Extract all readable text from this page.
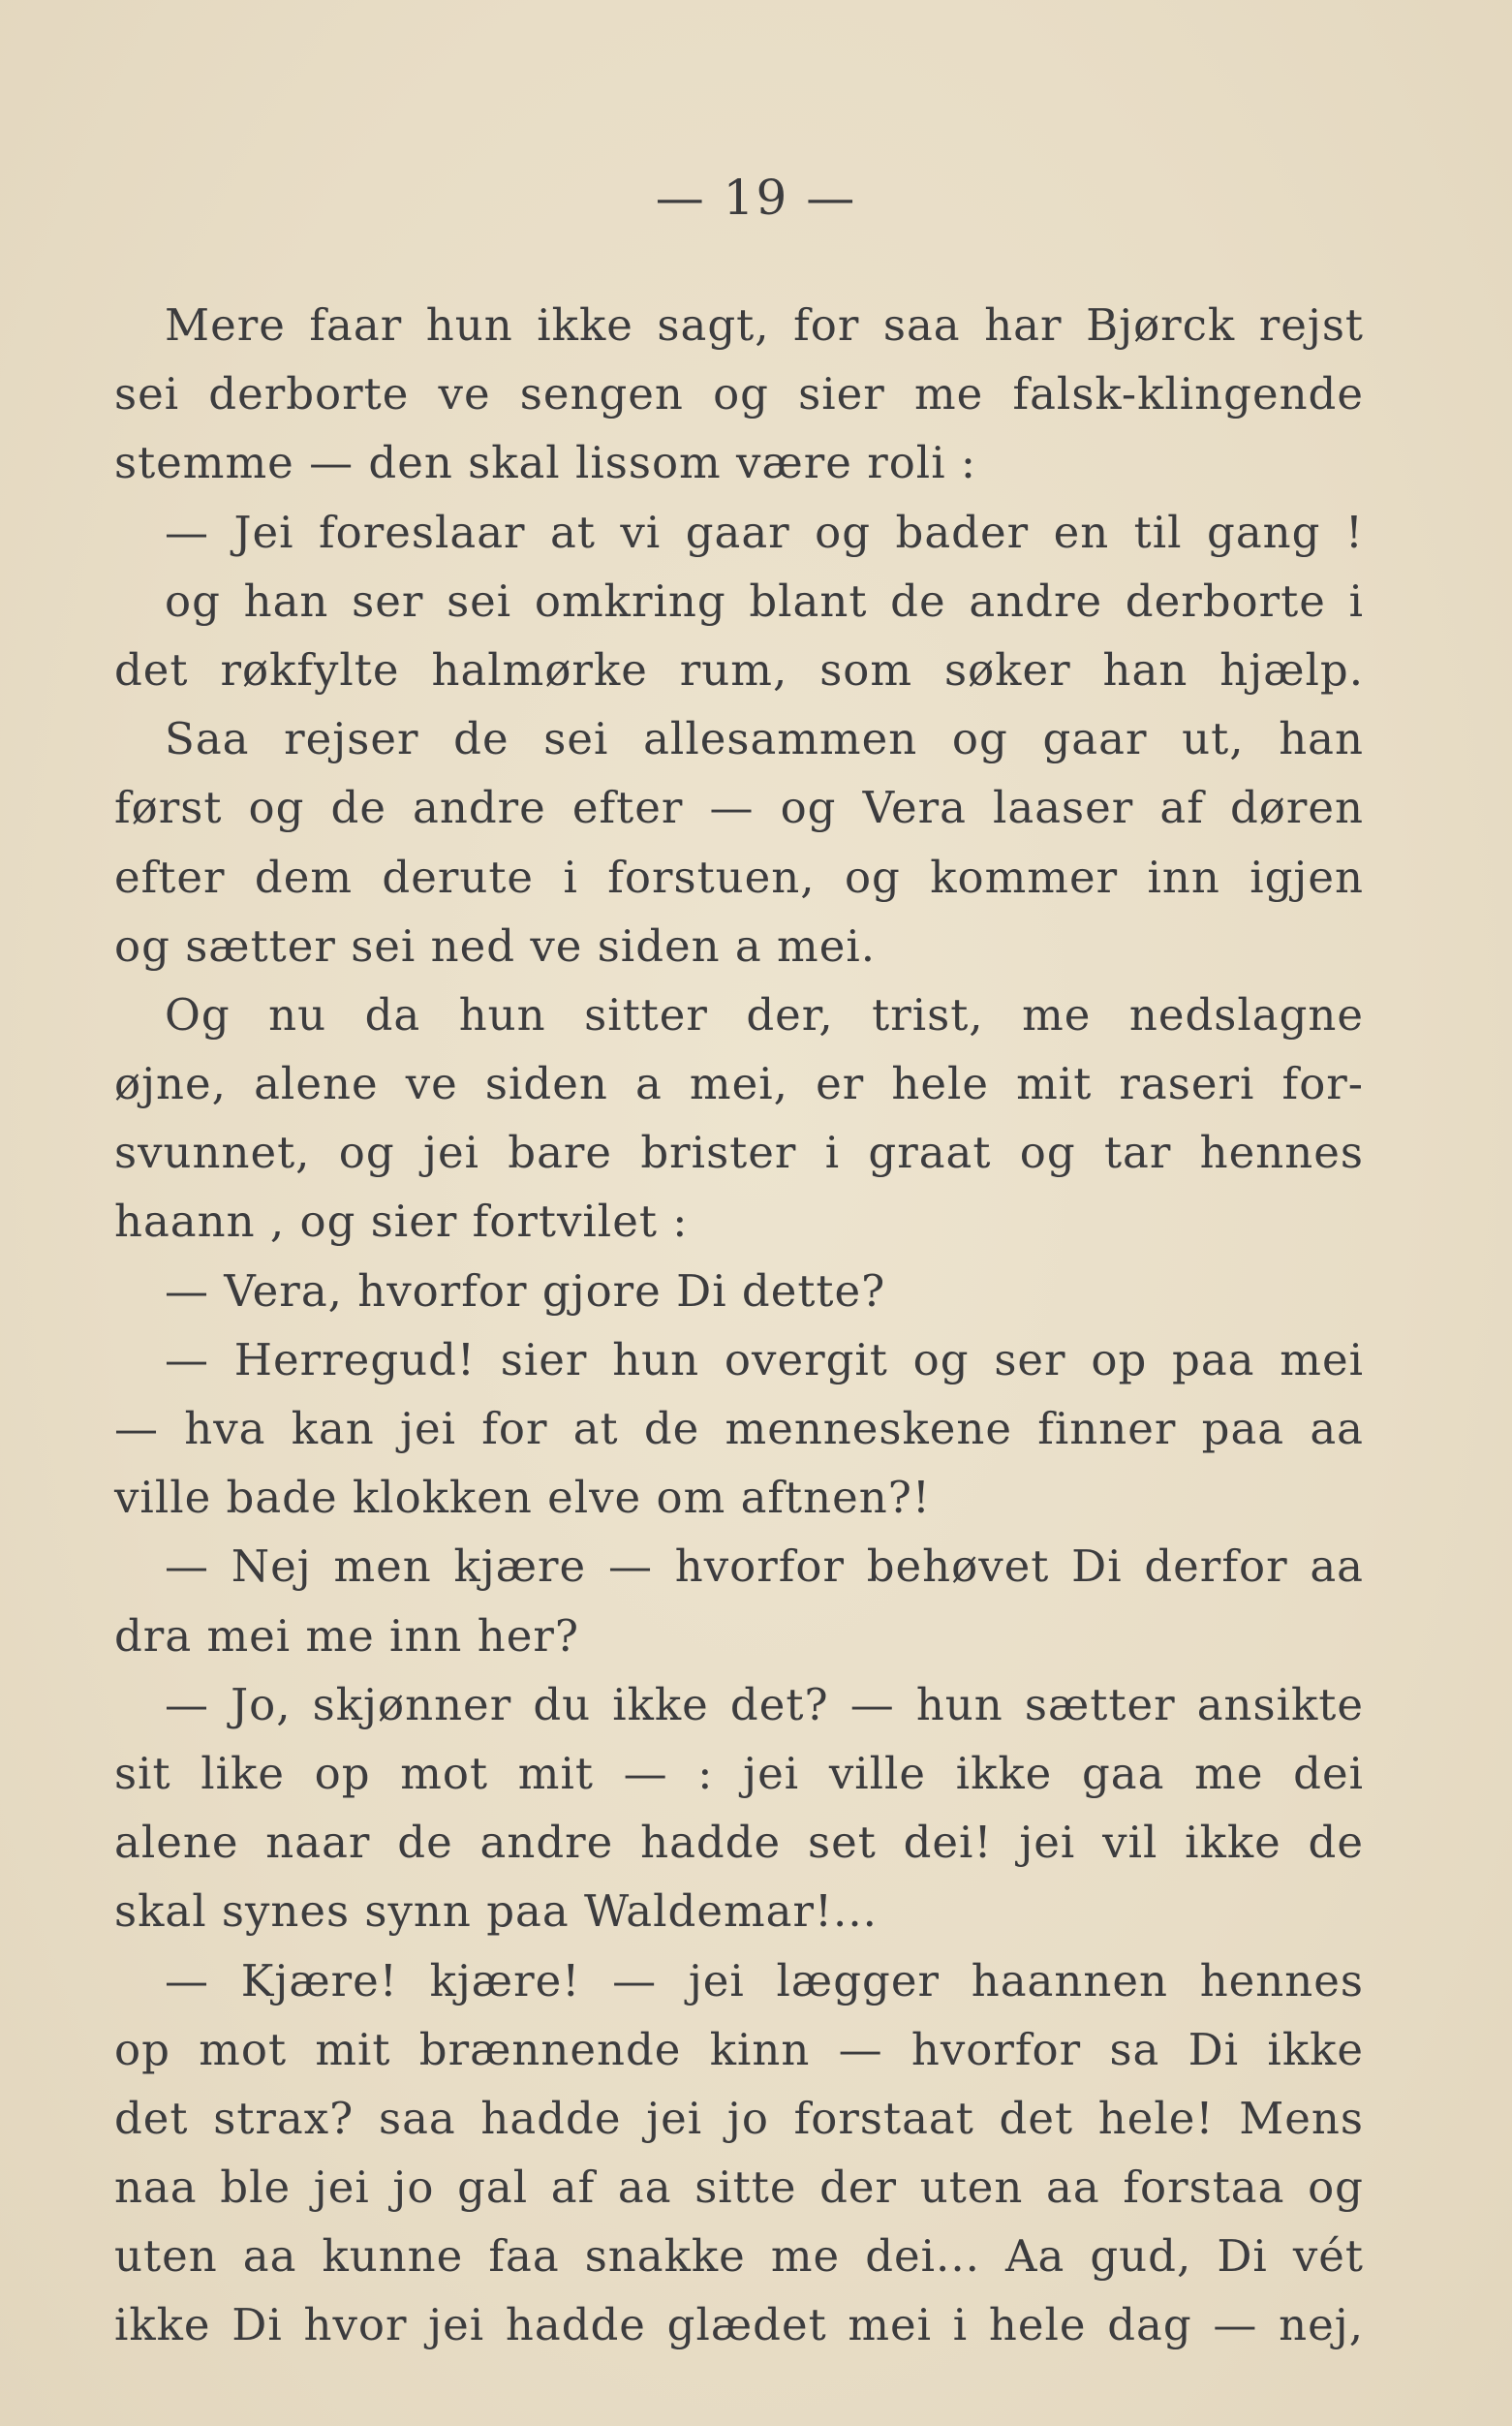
— 19 —
Mere faar hun ikke sagt, for saa har Bjørck rejst
sei derborte ve sengen og sier me falsk-klingende
stemme — den skal lissom være roli :
— Jei foreslaar at vi gaar og bader en til gang !
og han ser sei omkring blant de andre derborte i
det røkfylte halmørke rum, som søker han hjælp.
Saa rejser de sei allesammen og gaar ut, han
først og de andre efter — og Vera laaser af døren
efter dem derute i forstuen, og kommer inn igjen
og sætter sei ned ve siden a mei.
Og nu da hun sitter der, trist, me nedslagne
øjne, alene ve siden a mei, er hele mit raseri for-
svunnet, og jei bare brister i graat og tar hennes
haann , og sier fortvilet :
— Vera, hvorfor gjore Di dette?
— Herregud! sier hun overgit og ser op paa mei
— hva kan jei for at de menneskene finner paa aa
ville bade klokken elve om aftnen?!
— Nej men kjære — hvorfor behøvet Di derfor aa
dra mei me inn her?
— Jo, skjønner du ikke det? — hun sætter ansikte
sit like op mot mit — : jei ville ikke gaa me dei
alene naar de andre hadde set dei! jei vil ikke de
skal synes synn paa Waldemar!...
— Kjære! kjære! — jei lægger haannen hennes
op mot mit brænnende kinn — hvorfor sa Di ikke
det strax? saa hadde jei jo forstaat det hele! Mens
naa ble jei jo gal af aa sitte der uten aa forstaa og
uten aa kunne faa snakke me dei... Aa gud, Di vét
ikke Di hvor jei hadde glædet mei i hele dag — nej,
